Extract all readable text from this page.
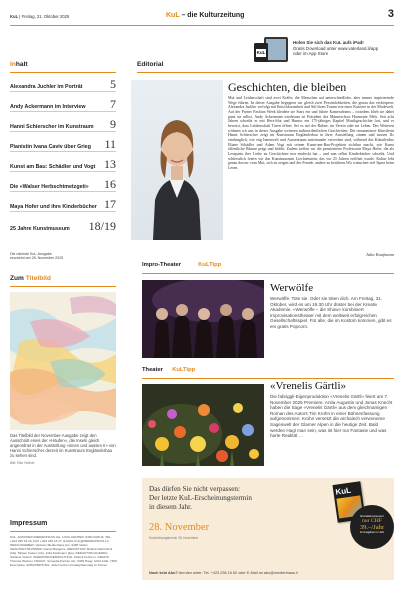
KuL | Freitag, 31. Oktober 2025	KuL – die Kulturzeitung	3
KuL
Holen Sie sich das KuL aufs iPad!
Gratis Download unter www.vaterland.li/app
oder im App Store
Inhalt
Alexandra Juchler im Porträt 5
Andy Ackermann im Interview 7
Hanni Schierscher im Kunstraum 9
Pianistin Ivana Caviv über Grieg 11
Kunst am Bau: Schädler und Vogt 13
Die «Walser Herbschtmetzgeti» 16
Maya Hofer und ihre Kinderbücher 17
25 Jahre Kunstmuseum 18/19
Die nächste KuL-Ausgabe
erscheint am 28. November 2025
Editorial
Geschichten, die bleiben
Mut und Leidenschaft sind zwei Kräfte, die Menschen auf unterschiedliche, aber immer inspirierende Wege führen. In dieser Ausgabe begegnen wir gleich zwei Persönlichkeiten, die genau das verkörpern: Alexandra Juchler verfolgt mit Entschlossenheit und Stil ihren Traum von einer Karriere in der Modewelt. Auf der Parner Fashion Week kleidete sie Stars ein und führte Kameraleams – trotzdem blieb sie dabei ganz sie selbst. Andy Ackermann wiederum ist Präsident des Männerchors Harmonie Mels. Seit acht Jahren schreibt er mit Herz-blut und Humor ein 175-jähriges Kapitel Musikgeschichte fort, und er beweist, dass Leidenschaft Türen öffnet. Sei es auf der Bühne, im Verein oder im Leben. Des Weiteren widmen wir uns in dieser Ausgabe weiteren außerordentlichen Geschichten: Die renommierte Künstlerin Hanni Schierscher zeigt im Kunstraum Engländerbau in ihrer Ausstellung «innen und aussen II» eindringlich, wie eng Innenwelt und Aussenraum miteinander verwoben sind, während das Künstlerduo Eliane Schädler und Adam Vogt mit seinen Kunst-am-Bau-Projekten sichtbar macht, wie Kunst öffentliche Räume prägt und belebt. Zudem treffen wir die pensionierte Professorin Maya Hofer, die als Leseparin ihre Liebe zu Geschichten neu entdeckt hat – und nun selbst Kinderbücher schreibt. Und schliesslich feiern wir das Kunstmuseum Liechtenstein, das vor 25 Jahren eröffnet wurde. Kultur lebt genau davon: vom Mut, sich zu zeigen und der Freude, andere zu berühren.Wir wünschen viel Spass beim Lesen.
Julia Kaufmann
Zum Titelbild
Das Titelbild der November-Ausgabe zeigt den Ausschnitt eines der «Häufen», die Inseln gleich angeordnet in der Ausstellung «innen und aussen II» von Hanni Schierscher derzeit im Kunstraum Engländerbau zu sehen sind.
Bild: Elke Hüttner
Impro-Theater	KuLTipp
Werwölfe
Werwölfe. Tote sie. Oder sie töten dich. Am Freitag, 31. Oktober, wird es um 19.30 Uhr düster bei der Kreativ Akademie. «Werwölfe – die Show» kombiniert Improvisationstheater mit dem weltweit erfolgreichen Gesellschaftsspiel. Für alle, die im Kostüm kommen, gibt es ein gratis Popcorn.
Theater KuLTipp
«Vrenelis Gärtli»
Die fabriggli-Eigenproduktion «Vrenelis Gärtli» feiert am 7. November 2025 Premiere. Anita Augustin und Jonas Knecht haben die Sage «Vrenelis Gärtli» aus dem gleichnamigen Roman des Autors Tim Krohn in einer Bühnenfassung aufgenommen. Krohn versetzt die archaisch verwoneme Sagenwelt der Glarner Alpen in die heutige Zeit. Bald werden Hagl man sein, was ist hier nur Fantasie und was harte Realität …
Das dürfen Sie nicht verpassen:
Der letzte KuL-Erscheinungstermin
in diesem Jahr.
28. November
Erscheinungstermin 28. November
Noch kein Abo? Anrufen unter: Tel. +423 236 16 62 oder E-Mail an abo@medienhaus.li
KuL
Einzelabonnement
nur CHF
39.–/Jahr
12 Ausgaben im Jahr
Impressum
KUL, ANSCHEIN MEDIENHAUS AG, LOVA-CENTER, 9490 VADUZ, TEL. +423 236 16 16, FAX +423 236 16 17, E-MAIL KUL@MEDIENHAUS.LI | HERAUSGEBER: Vaduzer Medienhaus AG, 9490 Vaduz, GESCHÄFTSFÜHRER: Daniel Bargetze. REDAKTION: Bettina Stahl-Frick (bfs), Mirjam Kaiser (mk), Julia Kaufmann (jka). REDAKTION AGENDA: Stefanie Vetsch. INSERATENVERWALTUNG: Patrick Fehrenn. GRAFIK: Thomas Wehner. DRUCK: Somedia Partner AG, 9469 Haag. AUFLAGE: 7500 Exemplare. ERSCHEINUNG: Jeden letzten Freitag/Samstag im Monat
